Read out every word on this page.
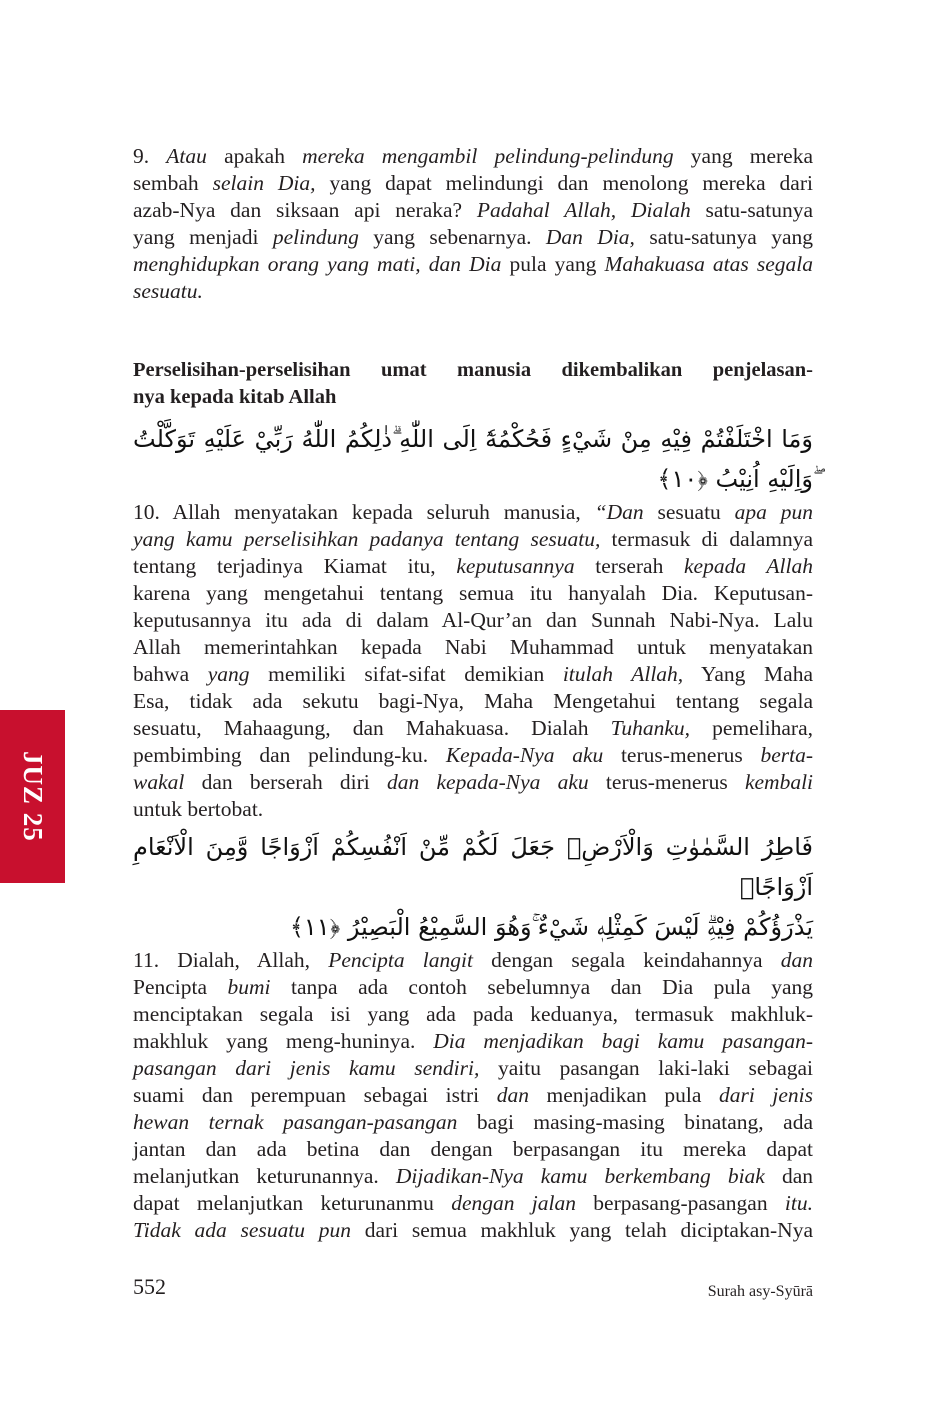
9. Atau apakah mereka mengambil pelindung-pelindung yang mereka
sembah selain Dia, yang dapat melindungi dan menolong mereka dari
azab-Nya dan siksaan api neraka? Padahal Allah, Dialah satu-satunya
yang menjadi pelindung yang sebenarnya. Dan Dia, satu-satunya yang
menghidupkan orang yang mati, dan Dia pula yang Mahakuasa atas segala
sesuatu.
Perselisihan-perselisihan umat manusia dikembalikan penjelasan-
nya kepada kitab Allah
وَمَا اخْتَلَفْتُمْ فِيْهِ مِنْ شَيْءٍ فَحُكْمُهٗٓ اِلَى اللّٰهِ ۗذٰلِكُمُ اللّٰهُ رَبِّيْ عَلَيْهِ تَوَكَّلْتُ ۖوَاِلَيْهِ اُنِيْبُ ﴿١٠﴾
10. Allah menyatakan kepada seluruh manusia, “Dan sesuatu apa pun
yang kamu perselisihkan padanya tentang sesuatu, termasuk di dalamnya
tentang terjadinya Kiamat itu, keputusannya terserah kepada Allah
karena yang mengetahui tentang semua itu hanyalah Dia. Keputusan-
keputusannya itu ada di dalam Al-Qur’an dan Sunnah Nabi-Nya. Lalu
Allah memerintahkan kepada Nabi Muhammad untuk menyatakan
bahwa yang memiliki sifat-sifat demikian itulah Allah, Yang Maha
Esa, tidak ada sekutu bagi-Nya, Maha Mengetahui tentang segala
sesuatu, Mahaagung, dan Mahakuasa. Dialah Tuhanku, pemelihara,
pembimbing dan pelindung-ku. Kepada-Nya aku terus-menerus berta-
wakal dan berserah diri dan kepada-Nya aku terus-menerus kembali
untuk bertobat.
فَاطِرُ السَّمٰوٰتِ وَالْاَرْضِۗ جَعَلَ لَكُمْ مِّنْ اَنْفُسِكُمْ اَزْوَاجًا وَّمِنَ الْاَنْعَامِ اَزْوَاجًاۚ
يَذْرَؤُكُمْ فِيْهِۗ لَيْسَ كَمِثْلِهٖ شَيْءٌ ۚوَهُوَ السَّمِيْعُ الْبَصِيْرُ ﴿١١﴾
11. Dialah, Allah, Pencipta langit dengan segala keindahannya dan
Pencipta bumi tanpa ada contoh sebelumnya dan Dia pula yang
menciptakan segala isi yang ada pada keduanya, termasuk makhluk-
makhluk yang meng-huninya. Dia menjadikan bagi kamu pasangan-
pasangan dari jenis kamu sendiri, yaitu pasangan laki-laki sebagai
suami dan perempuan sebagai istri dan menjadikan pula dari jenis
hewan ternak pasangan-pasangan bagi masing-masing binatang, ada
jantan dan ada betina dan dengan berpasangan itu mereka dapat
melanjutkan keturunannya. Dijadikan-Nya kamu berkembang biak dan
dapat melanjutkan keturunanmu dengan jalan berpasang-pasangan itu.
Tidak ada sesuatu pun dari semua makhluk yang telah diciptakan-Nya
552	Surah asy-Syūrā
JUZ 25
